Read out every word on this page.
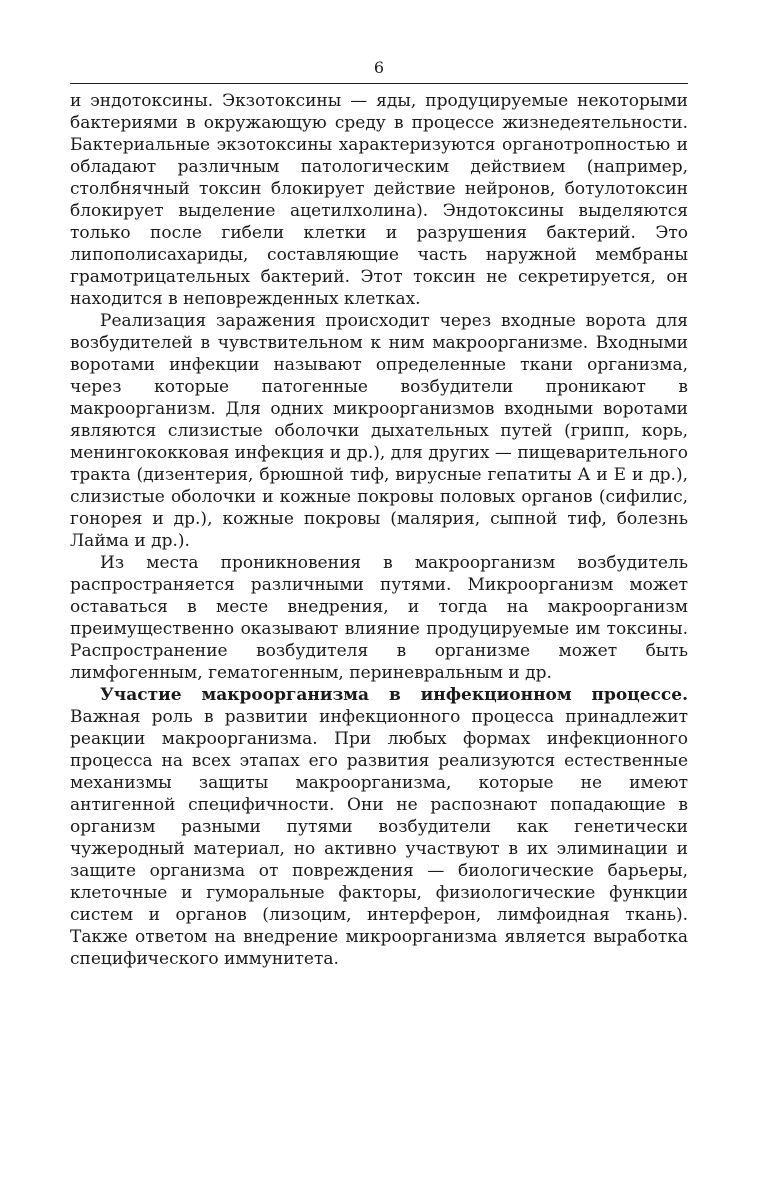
6

и эндотоксины. Экзотоксины — яды, продуцируемые некоторыми бактериями в окружающую среду в процессе жизнедеятельности. Бактериальные экзотоксины характеризуются органотропностью и обладают различным патологическим действием (например, столбнячный токсин блокирует действие нейронов, ботулотоксин блокирует выделение ацетилхолина). Эндотоксины выделяются только после гибели клетки и разрушения бактерий. Это липополисахариды, составляющие часть наружной мембраны грамотрицательных бактерий. Этот токсин не секретируется, он находится в неповрежденных клетках.

Реализация заражения происходит через входные ворота для возбудителей в чувствительном к ним макроорганизме. Входными воротами инфекции называют определенные ткани организма, через которые патогенные возбудители проникают в макроорганизм. Для одних микроорганизмов входными воротами являются слизистые оболочки дыхательных путей (грипп, корь, менингококковая инфекция и др.), для других — пищеварительного тракта (дизентерия, брюшной тиф, вирусные гепатиты А и Е и др.), слизистые оболочки и кожные покровы половых органов (сифилис, гонорея и др.), кожные покровы (малярия, сыпной тиф, болезнь Лайма и др.).

Из места проникновения в макроорганизм возбудитель распространяется различными путями. Микроорганизм может оставаться в месте внедрения, и тогда на макроорганизм преимущественно оказывают влияние продуцируемые им токсины. Распространение возбудителя в организме может быть лимфогенным, гематогенным, периневральным и др.

Участие макроорганизма в инфекционном процессе. Важная роль в развитии инфекционного процесса принадлежит реакции макроорганизма. При любых формах инфекционного процесса на всех этапах его развития реализуются естественные механизмы защиты макроорганизма, которые не имеют антигенной специфичности. Они не распознают попадающие в организм разными путями возбудители как генетически чужеродный материал, но активно участвуют в их элиминации и защите организма от повреждения — биологические барьеры, клеточные и гуморальные факторы, физиологические функции систем и органов (лизоцим, интерферон, лимфоидная ткань). Также ответом на внедрение микроорганизма является выработка специфического иммунитета.
